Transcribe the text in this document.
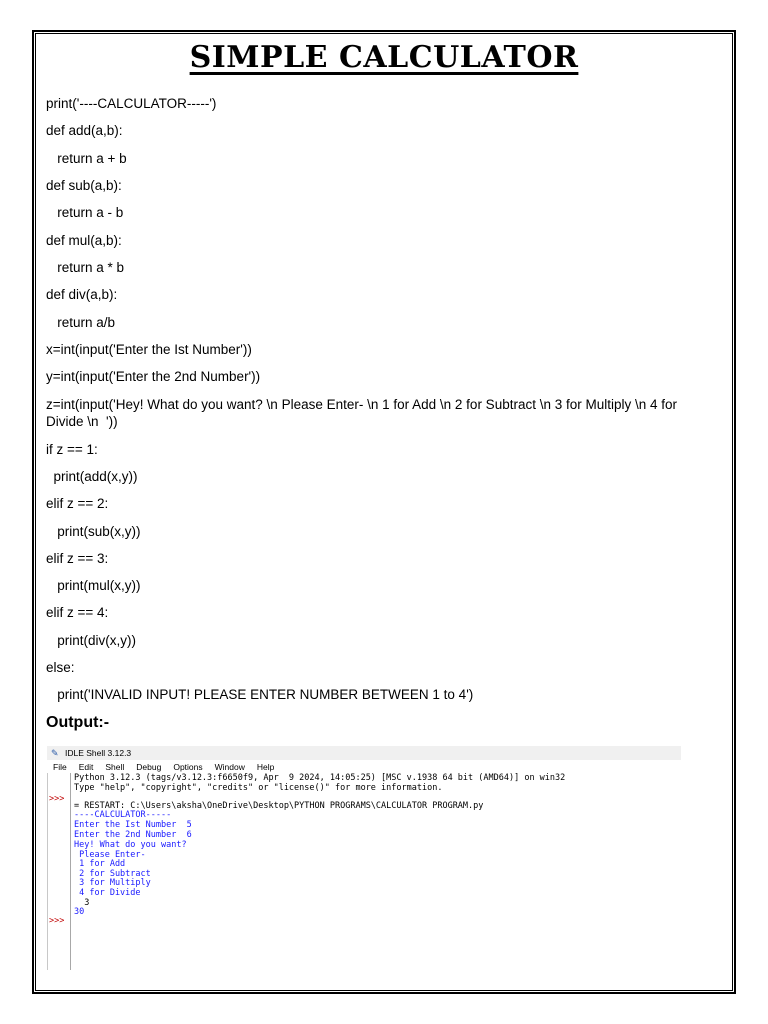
SIMPLE CALCULATOR
print('----CALCULATOR-----')
def add(a,b):
return a + b
def sub(a,b):
return a - b
def mul(a,b):
return a * b
def div(a,b):
return a/b
x=int(input('Enter the Ist Number'))
y=int(input('Enter the 2nd Number'))
z=int(input('Hey! What do you want? \n Please Enter- \n 1 for Add \n 2 for Subtract \n 3 for Multiply \n 4 for Divide \n  '))
if z == 1:
print(add(x,y))
elif z == 2:
print(sub(x,y))
elif z == 3:
print(mul(x,y))
elif z == 4:
print(div(x,y))
else:
print('INVALID INPUT! PLEASE ENTER NUMBER BETWEEN 1 to 4')
Output:-
✎ IDLE Shell 3.12.3
File	Edit	Shell	Debug	Options	Window	Help
Python 3.12.3 (tags/v3.12.3:f6650f9, Apr  9 2024, 14:05:25) [MSC v.1938 64 bit (AMD64)] on win32
Type "help", "copyright", "credits" or "license()" for more information.
>>>
= RESTART: C:\Users\aksha\OneDrive\Desktop\PYTHON PROGRAMS\CALCULATOR PROGRAM.py
----CALCULATOR-----
Enter the Ist Number  5
Enter the 2nd Number  6
Hey! What do you want?
Please Enter-
1 for Add
2 for Subtract
3 for Multiply
4 for Divide
3
30
>>>
